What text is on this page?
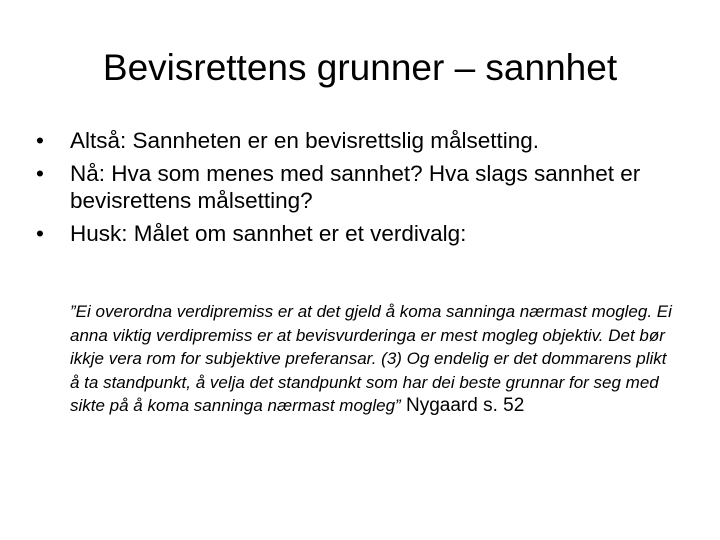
Bevisrettens grunner – sannhet
• Altså: Sannheten er en bevisrettslig målsetting.
• Nå: Hva som menes med sannhet? Hva slags sannhet er bevisrettens målsetting?
• Husk: Målet om sannhet er et verdivalg:

”Ei overordna verdipremiss er at det gjeld å koma sanninga nærmast mogleg. Ei anna viktig verdipremiss er at bevisvurderinga er mest mogleg objektiv. Det bør ikkje vera rom for subjektive preferansar. (3) Og endelig er det dommarens plikt å ta standpunkt, å velja det standpunkt som har dei beste grunnar for seg med sikte på å koma sanninga nærmast mogleg” Nygaard s. 52
